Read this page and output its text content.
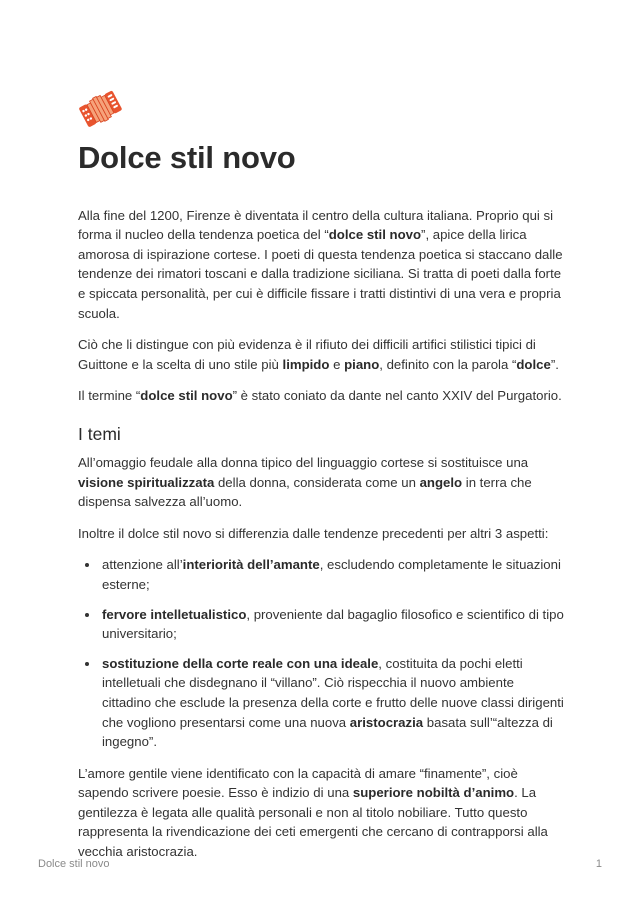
Dolce stil novo

Alla fine del 1200, Firenze è diventata il centro della cultura italiana. Proprio qui si forma il nucleo della tendenza poetica del “dolce stil novo”, apice della lirica amorosa di ispirazione cortese. I poeti di questa tendenza poetica si staccano dalle tendenze dei rimatori toscani e dalla tradizione siciliana. Si tratta di poeti dalla forte e spiccata personalità, per cui è difficile fissare i tratti distintivi di una vera e propria scuola.

Ciò che li distingue con più evidenza è il rifiuto dei difficili artifici stilistici tipici di Guittone e la scelta di uno stile più limpido e piano, definito con la parola “dolce”.

Il termine “dolce stil novo” è stato coniato da dante nel canto XXIV del Purgatorio.

I temi

All’omaggio feudale alla donna tipico del linguaggio cortese si sostituisce una visione spiritualizzata della donna, considerata come un angelo in terra che dispensa salvezza all’uomo.

Inoltre il dolce stil novo si differenzia dalle tendenze precedenti per altri 3 aspetti:

• attenzione all’interiorità dell’amante, escludendo completamente le situazioni esterne;
• fervore intelletualistico, proveniente dal bagaglio filosofico e scientifico di tipo universitario;
• sostituzione della corte reale con una ideale, costituita da pochi eletti intelletuali che disdegnano il “villano”. Ciò rispecchia il nuovo ambiente cittadino che esclude la presenza della corte e frutto delle nuove classi dirigenti che vogliono presentarsi come una nuova aristocrazia basata sull’“altezza di ingegno”.

L’amore gentile viene identificato con la capacità di amare “finamente”, cioè sapendo scrivere poesie. Esso è indizio di una superiore nobiltà d’animo. La gentilezza è legata alle qualità personali e non al titolo nobiliare. Tutto questo rappresenta la rivendicazione dei ceti emergenti che cercano di contrapporsi alla vecchia aristocrazia.

Dolce stil novo	1
